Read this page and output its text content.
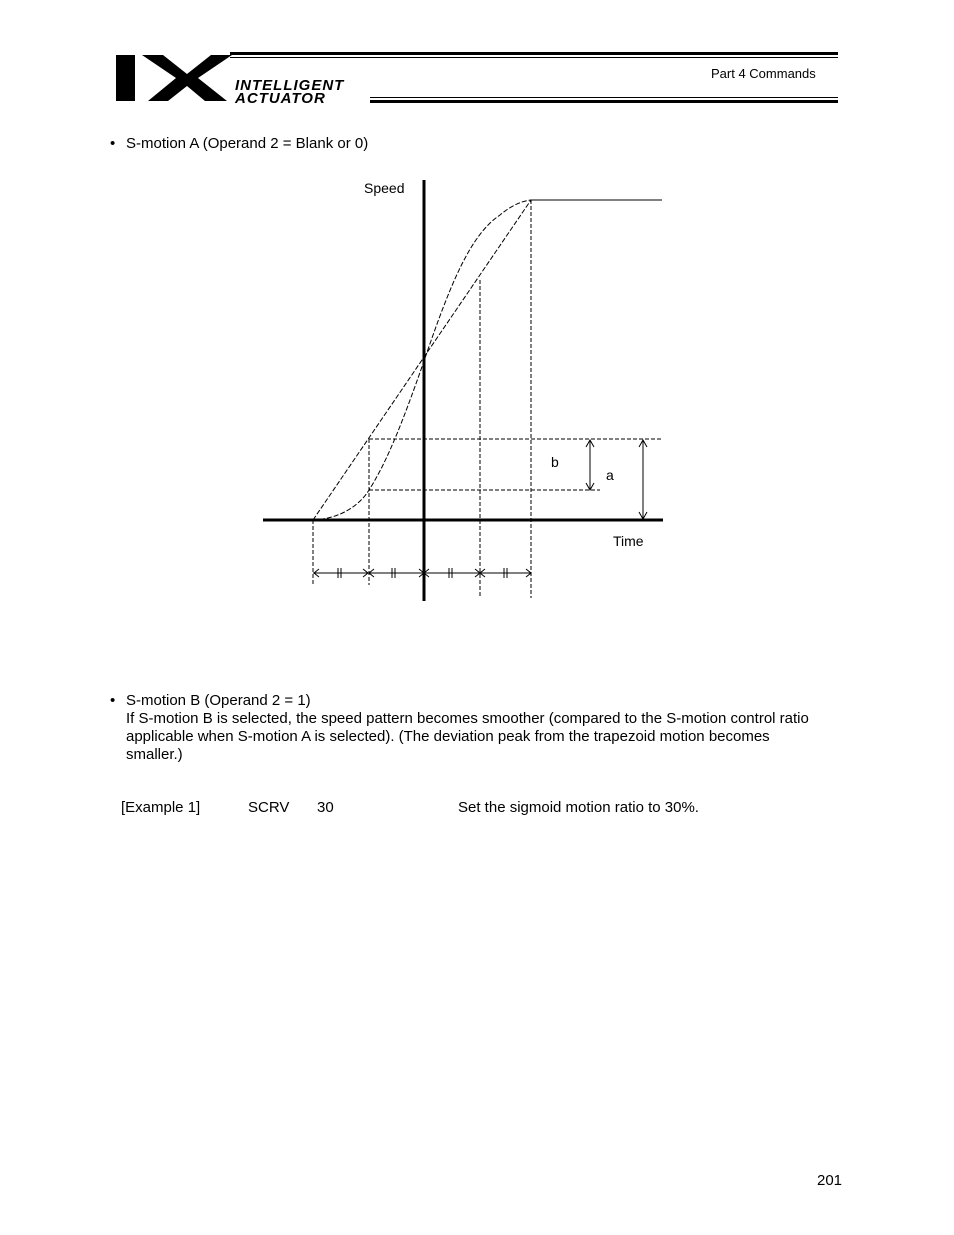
INTELLIGENT
ACTUATOR
Part 4 Commands
• S-motion A (Operand 2 = Blank or 0)
Speed
Time
b
a
• S-motion B (Operand 2 = 1)
If S-motion B is selected, the speed pattern becomes smoother (compared to the S-motion control ratio
applicable when S-motion A is selected). (The deviation peak from the trapezoid motion becomes
smaller.)
[Example 1]	SCRV 30	Set the sigmoid motion ratio to 30%.
201
